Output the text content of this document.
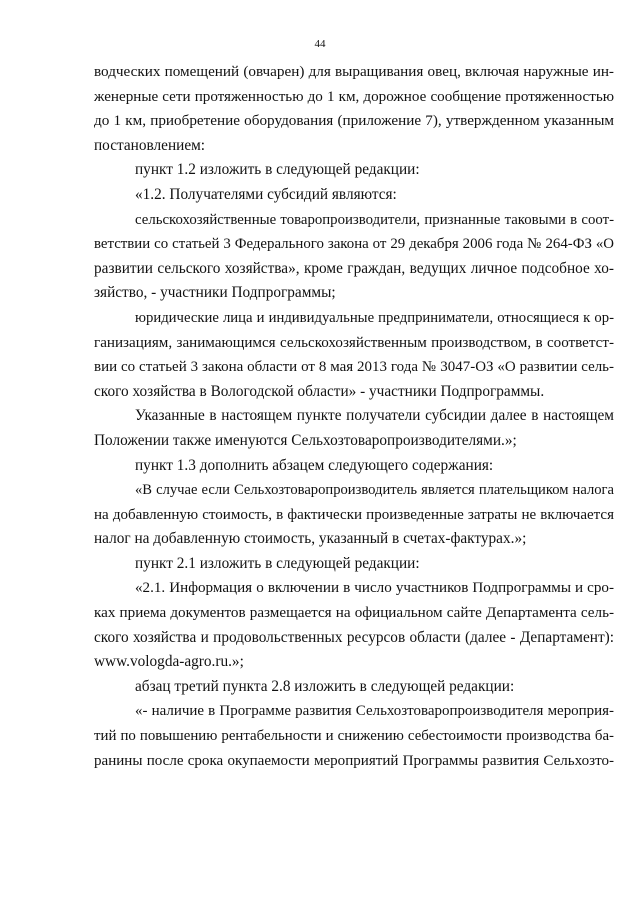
44
водческих помещений (овчарен) для выращивания овец, включая наружные ин-
женерные сети протяженностью до 1 км, дорожное сообщение протяженностью
до 1 км, приобретение оборудования (приложение 7), утвержденном указанным
постановлением:
пункт 1.2 изложить в следующей редакции:
«1.2. Получателями субсидий являются:
сельскохозяйственные товаропроизводители, признанные таковыми в соот-
ветствии со статьей 3 Федерального закона от 29 декабря 2006 года № 264-ФЗ «О
развитии сельского хозяйства», кроме граждан, ведущих личное подсобное хо-
зяйство, - участники Подпрограммы;
юридические лица и индивидуальные предприниматели, относящиеся к ор-
ганизациям, занимающимся сельскохозяйственным производством, в соответст-
вии со статьей 3 закона области от 8 мая 2013 года № 3047-ОЗ «О развитии сель-
ского хозяйства в Вологодской области» - участники Подпрограммы.
Указанные в настоящем пункте получатели субсидии далее в настоящем
Положении также именуются Сельхозтоваропроизводителями.»;
пункт 1.3 дополнить абзацем следующего содержания:
«В случае если Сельхозтоваропроизводитель является плательщиком налога
на добавленную стоимость, в фактически произведенные затраты не включается
налог на добавленную стоимость, указанный в счетах-фактурах.»;
пункт 2.1 изложить в следующей редакции:
«2.1. Информация о включении в число участников Подпрограммы и сро-
ках приема документов размещается на официальном сайте Департамента сель-
ского хозяйства и продовольственных ресурсов области (далее - Департамент):
www.vologda-agro.ru.»;
абзац третий пункта 2.8 изложить в следующей редакции:
«- наличие в Программе развития Сельхозтоваропроизводителя мероприя-
тий по повышению рентабельности и снижению себестоимости производства ба-
ранины после срока окупаемости мероприятий Программы развития Сельхозто-
